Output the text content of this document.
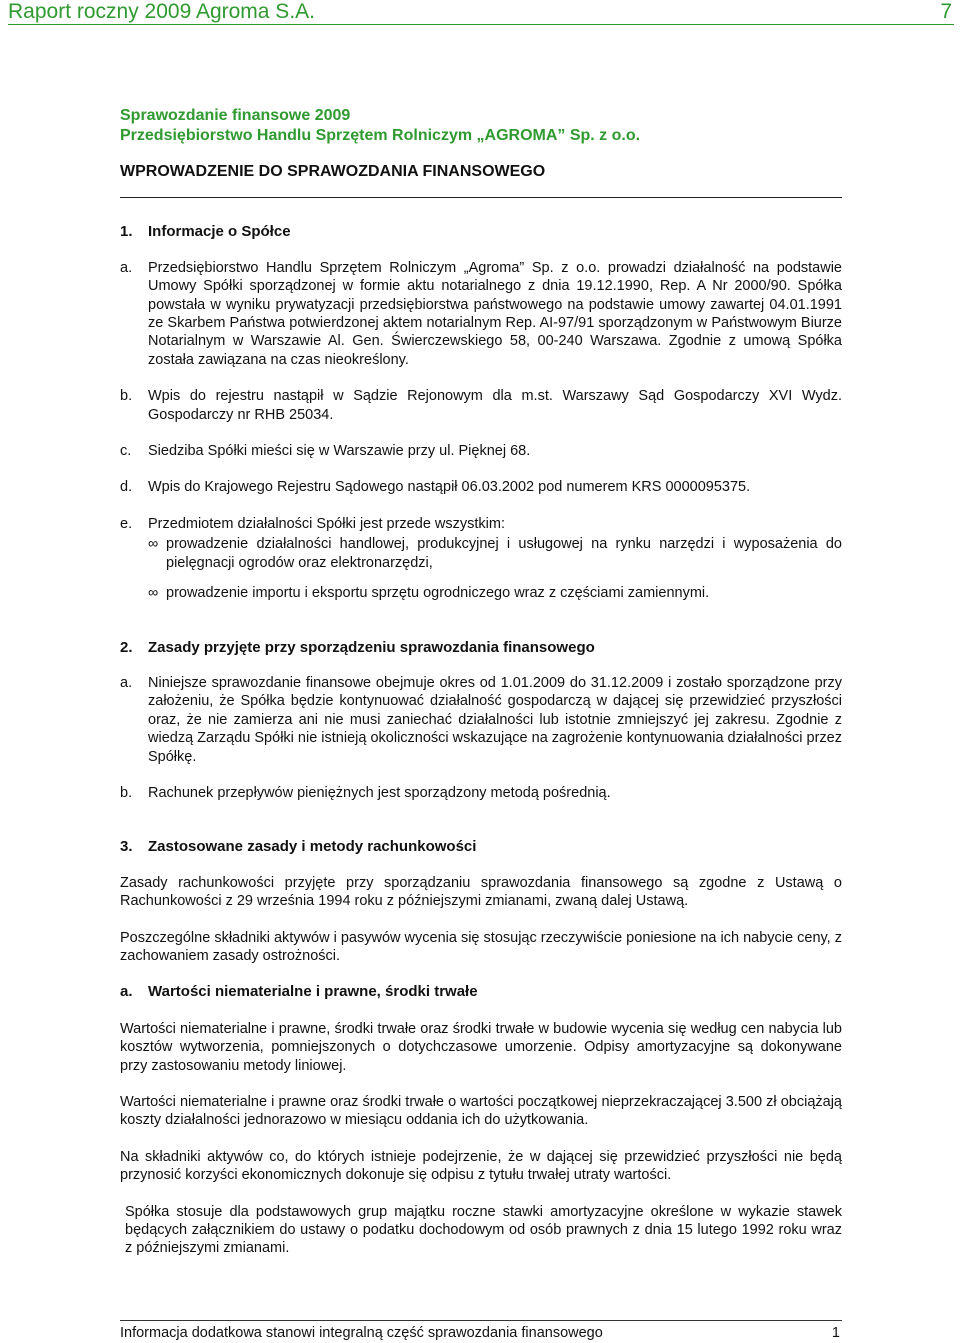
Raport roczny 2009 Agroma S.A.	7
Sprawozdanie finansowe 2009
Przedsiębiorstwo Handlu Sprzętem Rolniczym „AGROMA” Sp. z o.o.
WPROWADZENIE DO SPRAWOZDANIA FINANSOWEGO
1.	Informacje o Spółce
a.	Przedsiębiorstwo Handlu Sprzętem Rolniczym „Agroma” Sp. z o.o. prowadzi działalność na podstawie Umowy Spółki sporządzonej w formie aktu notarialnego z dnia 19.12.1990, Rep. A Nr 2000/90. Spółka powstała w wyniku prywatyzacji przedsiębiorstwa państwowego na podstawie umowy zawartej 04.01.1991 ze Skarbem Państwa potwierdzonej aktem notarialnym Rep. AI-97/91 sporządzonym w Państwowym Biurze Notarialnym w Warszawie Al. Gen. Świerczewskiego 58, 00-240 Warszawa. Zgodnie z umową Spółka została zawiązana na czas nieokreślony.
b.	Wpis do rejestru nastąpił w Sądzie Rejonowym dla m.st. Warszawy Sąd Gospodarczy XVI Wydz. Gospodarczy nr RHB 25034.
c.	Siedziba Spółki mieści się w Warszawie przy ul. Pięknej 68.
d.	Wpis do Krajowego Rejestru Sądowego nastąpił 06.03.2002 pod numerem KRS 0000095375.
e.	Przedmiotem działalności Spółki jest przede wszystkim:
∞ prowadzenie działalności handlowej, produkcyjnej i usługowej na rynku narzędzi i wyposażenia do pielęgnacji ogrodów oraz elektronarzędzi,
∞ prowadzenie importu i eksportu sprzętu ogrodniczego wraz z częściami zamiennymi.
2.	Zasady przyjęte przy sporządzeniu sprawozdania finansowego
a.	Niniejsze sprawozdanie finansowe obejmuje okres od 1.01.2009 do 31.12.2009 i zostało sporządzone przy założeniu, że Spółka będzie kontynuować działalność gospodarczą w dającej się przewidzieć przyszłości oraz, że nie zamierza ani nie musi zaniechać działalności lub istotnie zmniejszyć jej zakresu. Zgodnie z wiedzą Zarządu Spółki nie istnieją okoliczności wskazujące na zagrożenie kontynuowania działalności przez Spółkę.
b.	Rachunek przepływów pieniężnych jest sporządzony metodą pośrednią.
3.	Zastosowane zasady i metody rachunkowości
Zasady rachunkowości przyjęte przy sporządzaniu sprawozdania finansowego są zgodne z Ustawą o Rachunkowości z 29 września 1994 roku z późniejszymi zmianami, zwaną dalej Ustawą.
Poszczególne składniki aktywów i pasywów wycenia się stosując rzeczywiście poniesione na ich nabycie ceny, z zachowaniem zasady ostrożności.
a.	Wartości niematerialne i prawne, środki trwałe
Wartości niematerialne i prawne, środki trwałe oraz środki trwałe w budowie wycenia się według cen nabycia lub kosztów wytworzenia, pomniejszonych o dotychczasowe umorzenie. Odpisy amortyzacyjne są dokonywane przy zastosowaniu metody liniowej.
Wartości niematerialne i prawne oraz środki trwałe o wartości początkowej nieprzekraczającej 3.500 zł obciążają koszty działalności jednorazowo w miesiącu oddania ich do użytkowania.
Na składniki aktywów co, do których istnieje podejrzenie, że w dającej się przewidzieć przyszłości nie będą przynosić korzyści ekonomicznych dokonuje się odpisu z tytułu trwałej utraty wartości.
Spółka stosuje dla podstawowych grup majątku roczne stawki amortyzacyjne określone w wykazie stawek będących załącznikiem do ustawy o podatku dochodowym od osób prawnych z dnia 15 lutego 1992 roku wraz z późniejszymi zmianami.
Informacja dodatkowa stanowi integralną część sprawozdania finansowego	1
